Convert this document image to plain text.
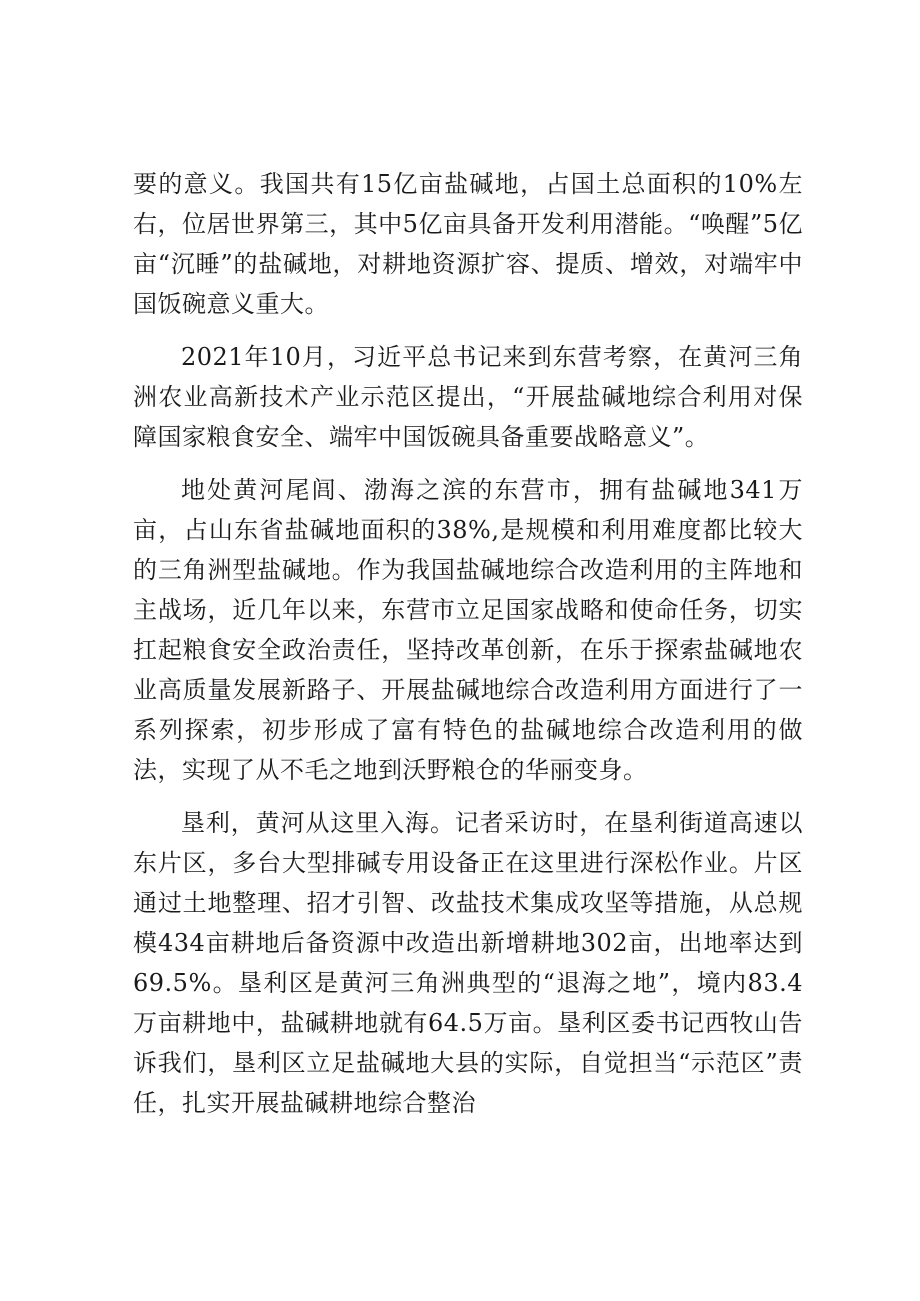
要的意义。我国共有15亿亩盐碱地，占国土总面积的10%左右，位居世界第三，其中5亿亩具备开发利用潜能。“唤醒”5亿亩“沉睡”的盐碱地，对耕地资源扩容、提质、增效，对端牢中国饭碗意义重大。

2021年10月，习近平总书记来到东营考察，在黄河三角洲农业高新技术产业示范区提出，“开展盐碱地综合利用对保障国家粮食安全、端牢中国饭碗具备重要战略意义”。

地处黄河尾闾、渤海之滨的东营市，拥有盐碱地341万亩，占山东省盐碱地面积的38%,是规模和利用难度都比较大的三角洲型盐碱地。作为我国盐碱地综合改造利用的主阵地和主战场，近几年以来，东营市立足国家战略和使命任务，切实扛起粮食安全政治责任，坚持改革创新，在乐于探索盐碱地农业高质量发展新路子、开展盐碱地综合改造利用方面进行了一系列探索，初步形成了富有特色的盐碱地综合改造利用的做法，实现了从不毛之地到沃野粮仓的华丽变身。

垦利，黄河从这里入海。记者采访时，在垦利街道高速以东片区，多台大型排碱专用设备正在这里进行深松作业。片区通过土地整理、招才引智、改盐技术集成攻坚等措施，从总规模434亩耕地后备资源中改造出新增耕地302亩，出地率达到69.5%。垦利区是黄河三角洲典型的“退海之地”，境内83.4万亩耕地中，盐碱耕地就有64.5万亩。垦利区委书记西牧山告诉我们，垦利区立足盐碱地大县的实际，自觉担当“示范区”责任，扎实开展盐碱耕地综合整治
